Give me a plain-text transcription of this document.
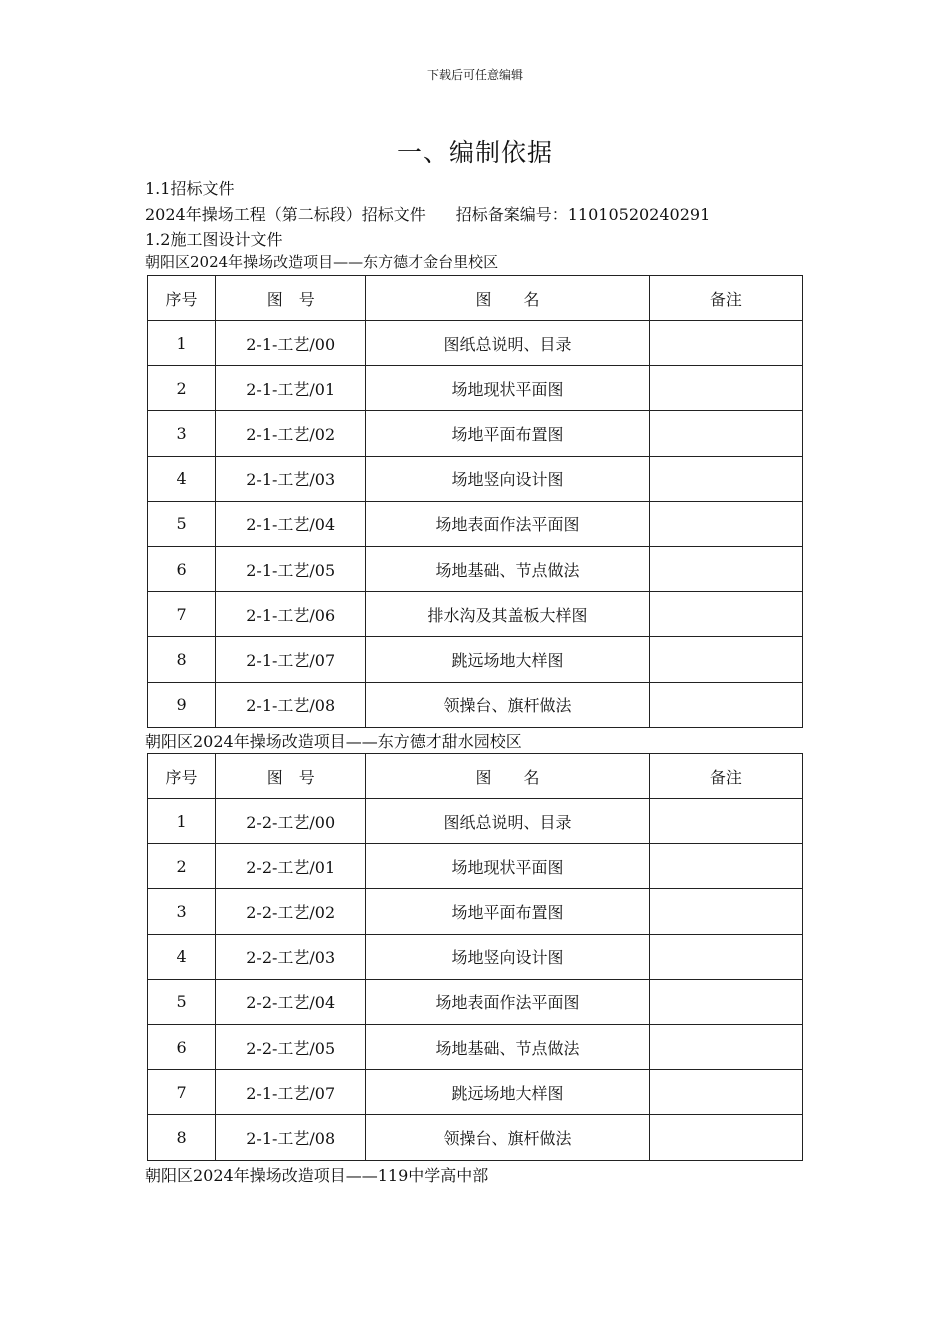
下载后可任意编辑
一、编制依据
1.1招标文件
2024年操场工程（第二标段）招标文件 招标备案编号：11010520240291
1.2施工图设计文件
朝阳区2024年操场改造项目——东方德才金台里校区
序号	图　号	图　　名	备注
1	2-1-工艺/00	图纸总说明、目录	
2	2-1-工艺/01	场地现状平面图	
3	2-1-工艺/02	场地平面布置图	
4	2-1-工艺/03	场地竖向设计图	
5	2-1-工艺/04	场地表面作法平面图	
6	2-1-工艺/05	场地基础、节点做法	
7	2-1-工艺/06	排水沟及其盖板大样图	
8	2-1-工艺/07	跳远场地大样图	
9	2-1-工艺/08	领操台、旗杆做法	
朝阳区2024年操场改造项目——东方德才甜水园校区
序号	图　号	图　　名	备注
1	2-2-工艺/00	图纸总说明、目录	
2	2-2-工艺/01	场地现状平面图	
3	2-2-工艺/02	场地平面布置图	
4	2-2-工艺/03	场地竖向设计图	
5	2-2-工艺/04	场地表面作法平面图	
6	2-2-工艺/05	场地基础、节点做法	
7	2-1-工艺/07	跳远场地大样图	
8	2-1-工艺/08	领操台、旗杆做法	
朝阳区2024年操场改造项目——119中学高中部
